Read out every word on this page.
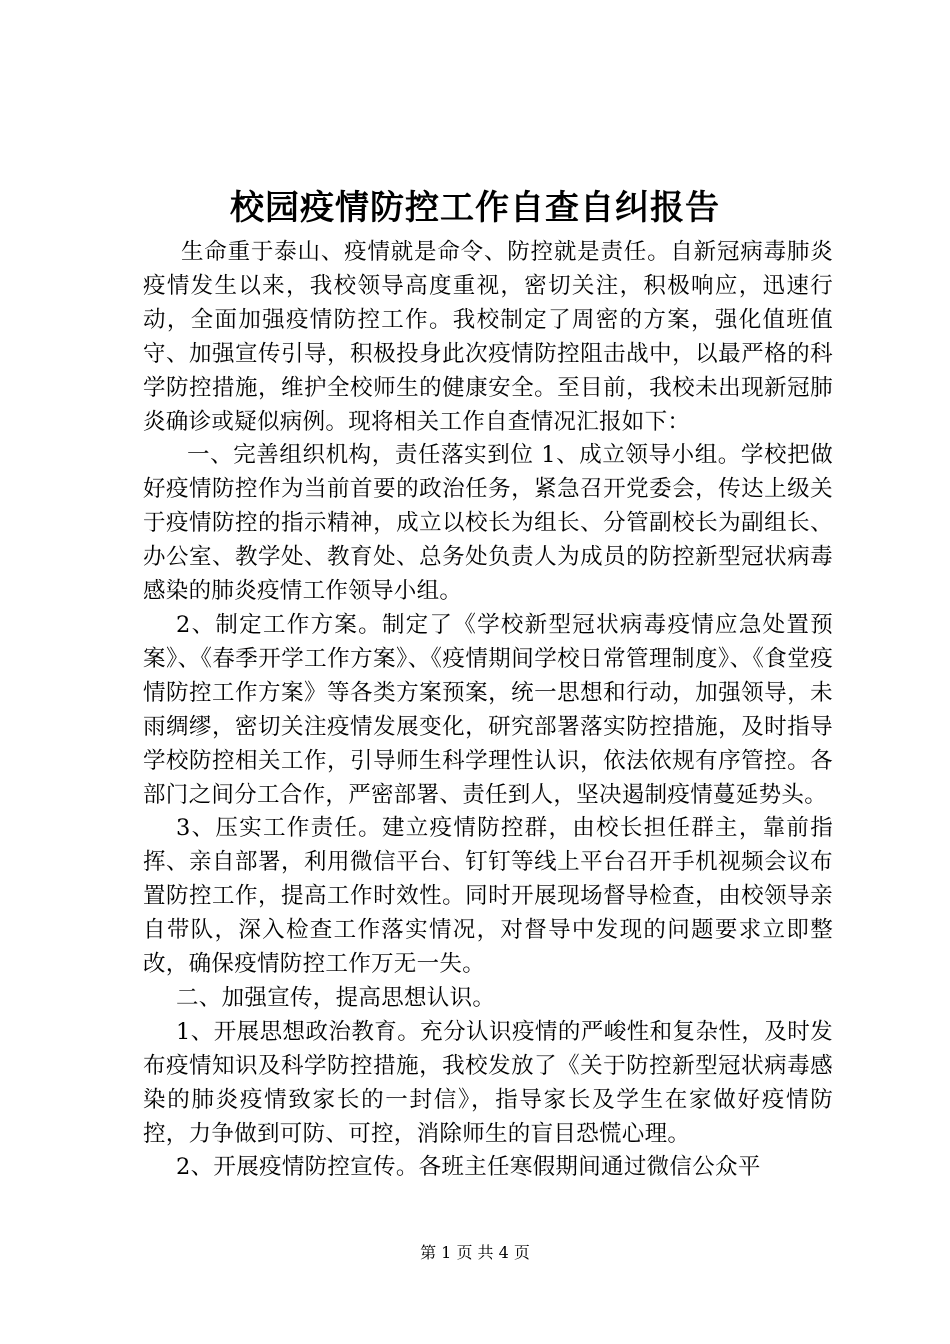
校园疫情防控工作自查自纠报告

生命重于泰山、疫情就是命令、防控就是责任。自新冠病毒肺炎疫情发生以来，我校领导高度重视，密切关注，积极响应，迅速行动，全面加强疫情防控工作。我校制定了周密的方案，强化值班值守、加强宣传引导，积极投身此次疫情防控阻击战中，以最严格的科学防控措施，维护全校师生的健康安全。至目前，我校未出现新冠肺炎确诊或疑似病例。现将相关工作自查情况汇报如下：

一、完善组织机构，责任落实到位 1、成立领导小组。学校把做好疫情防控作为当前首要的政治任务，紧急召开党委会，传达上级关于疫情防控的指示精神，成立以校长为组长、分管副校长为副组长、办公室、教学处、教育处、总务处负责人为成员的防控新型冠状病毒感染的肺炎疫情工作领导小组。

2、制定工作方案。制定了《学校新型冠状病毒疫情应急处置预案》、《春季开学工作方案》、《疫情期间学校日常管理制度》、《食堂疫情防控工作方案》等各类方案预案，统一思想和行动，加强领导，未雨绸缪，密切关注疫情发展变化，研究部署落实防控措施，及时指导学校防控相关工作，引导师生科学理性认识，依法依规有序管控。各部门之间分工合作，严密部署、责任到人，坚决遏制疫情蔓延势头。

3、压实工作责任。建立疫情防控群，由校长担任群主，靠前指挥、亲自部署，利用微信平台、钉钉等线上平台召开手机视频会议布置防控工作，提高工作时效性。同时开展现场督导检查，由校领导亲自带队，深入检查工作落实情况，对督导中发现的问题要求立即整改，确保疫情防控工作万无一失。

二、加强宣传，提高思想认识。

1、开展思想政治教育。充分认识疫情的严峻性和复杂性，及时发布疫情知识及科学防控措施，我校发放了《关于防控新型冠状病毒感染的肺炎疫情致家长的一封信》，指导家长及学生在家做好疫情防控，力争做到可防、可控，消除师生的盲目恐慌心理。

2、开展疫情防控宣传。各班主任寒假期间通过微信公众平

第 1 页 共 4 页
